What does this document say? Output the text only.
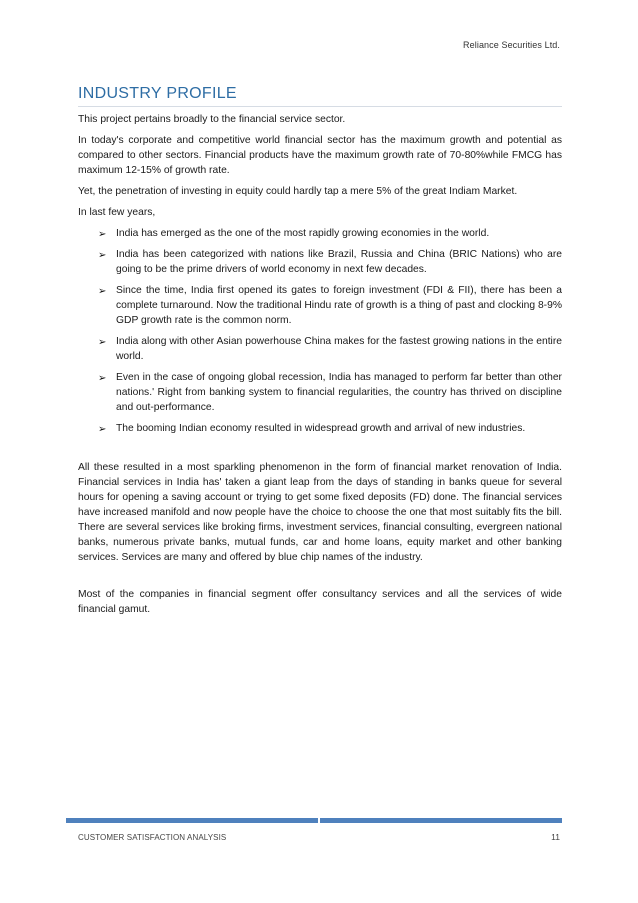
Reliance Securities Ltd.
INDUSTRY PROFILE

This project pertains broadly to the financial service sector.

In today's corporate and competitive world financial sector has the maximum growth and potential as compared to other sectors. Financial products have the maximum growth rate of 70-80%while FMCG has maximum 12-15% of growth rate.

Yet, the penetration of investing in equity could hardly tap a mere 5% of the great Indiam Market.

In last few years,

➢ India has emerged as the one of the most rapidly growing economies in the world.
➢ India has been categorized with nations like Brazil, Russia and China (BRIC Nations) who are going to be the prime drivers of world economy in next few decades.
➢ Since the time, India first opened its gates to foreign investment (FDI & FII), there has been a complete turnaround. Now the traditional Hindu rate of growth is a thing of past and clocking 8-9% GDP growth rate is the common norm.
➢ India along with other Asian powerhouse China makes for the fastest growing nations in the entire world.
➢ Even in the case of ongoing global recession, India has managed to perform far better than other nations.' Right from banking system to financial regularities, the country has thrived on discipline and out-performance.
➢ The booming Indian economy resulted in widespread growth and arrival of new industries.

All these resulted in a most sparkling phenomenon in the form of financial market renovation of India. Financial services in India has' taken a giant leap from the days of standing in banks queue for several hours for opening a saving account or trying to get some fixed deposits (FD) done. The financial services have increased manifold and now people have the choice to choose the one that most suitably fits the bill. There are several services like broking firms, investment services, financial consulting, evergreen national banks, numerous private banks, mutual funds, car and home loans, equity market and other banking services. Services are many and offered by blue chip names of the industry.

Most of the companies in financial segment offer consultancy services and all the services of wide financial gamut.

CUSTOMER SATISFACTION ANALYSIS	11
